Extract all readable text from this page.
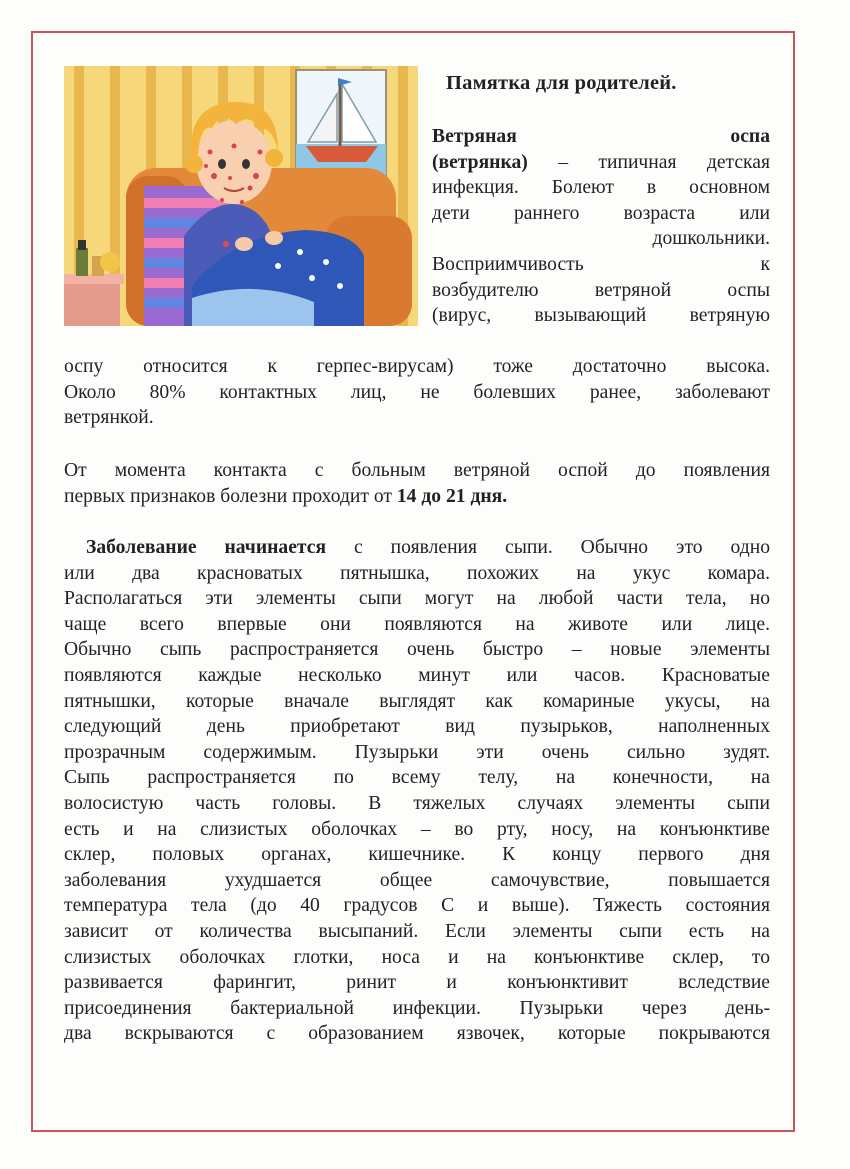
Памятка для родителей.
Ветряная	оспа
(ветрянка) – типичная детская
инфекция. Болеют в основном
дети раннего возраста или
дошкольники.
Восприимчивость	к
возбудителю ветряной оспы
(вирус, вызывающий ветряную
оспу относится к герпес-вирусам) тоже достаточно высока.
Около 80% контактных лиц, не болевших ранее, заболевают
ветрянкой.
От момента контакта с больным ветряной оспой до появления
первых признаков болезни проходит от 14 до 21 дня.
Заболевание начинается с появления сыпи. Обычно это одно
или два красноватых пятнышка, похожих на укус комара.
Располагаться эти элементы сыпи могут на любой части тела, но
чаще всего впервые они появляются на животе или лице.
Обычно сыпь распространяется очень быстро – новые элементы
появляются каждые несколько минут или часов. Красноватые
пятнышки, которые вначале выглядят как комариные укусы, на
следующий день приобретают вид пузырьков, наполненных
прозрачным содержимым. Пузырьки эти очень сильно зудят.
Сыпь распространяется по всему телу, на конечности, на
волосистую часть головы. В тяжелых случаях элементы сыпи
есть и на слизистых оболочках – во рту, носу, на конъюнктиве
склер, половых органах, кишечнике. К концу первого дня
заболевания ухудшается общее самочувствие, повышается
температура тела (до 40 градусов С и выше). Тяжесть состояния
зависит от количества высыпаний. Если элементы сыпи есть на
слизистых оболочках глотки, носа и на конъюнктиве склер, то
развивается фарингит, ринит и конъюнктивит вследствие
присоединения бактериальной инфекции. Пузырьки через день-
два вскрываются с образованием язвочек, которые покрываются
